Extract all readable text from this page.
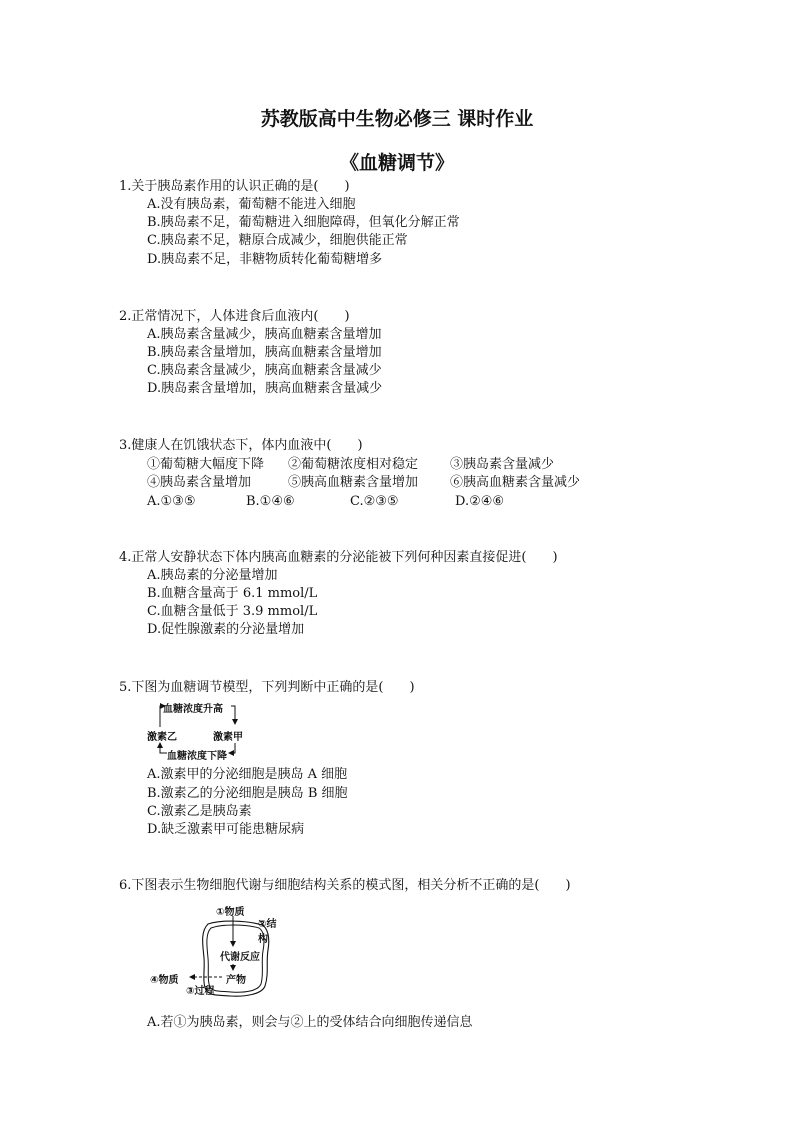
苏教版高中生物必修三 课时作业
《血糖调节》
1.关于胰岛素作用的认识正确的是(　　)
A.没有胰岛素，葡萄糖不能进入细胞
B.胰岛素不足，葡萄糖进入细胞障碍，但氧化分解正常
C.胰岛素不足，糖原合成减少，细胞供能正常
D.胰岛素不足，非糖物质转化葡萄糖增多
2.正常情况下，人体进食后血液内(　　)
A.胰岛素含量减少，胰高血糖素含量增加
B.胰岛素含量增加，胰高血糖素含量增加
C.胰岛素含量减少，胰高血糖素含量减少
D.胰岛素含量增加，胰高血糖素含量减少
3.健康人在饥饿状态下，体内血液中(　　)
①葡萄糖大幅度下降 ②葡萄糖浓度相对稳定 ③胰岛素含量减少
④胰岛素含量增加	⑤胰高血糖素含量增加 ⑥胰高血糖素含量减少
A.①③⑤	B.①④⑥	C.②③⑤	D.②④⑥
4.正常人安静状态下体内胰高血糖素的分泌能被下列何种因素直接促进(　　)
A.胰岛素的分泌量增加
B.血糖含量高于 6.1 mmol/L
C.血糖含量低于 3.9 mmol/L
D.促性腺激素的分泌量增加
5.下图为血糖调节模型，下列判断中正确的是(　　)
血糖浓度升高
激素乙	激素甲
血糖浓度下降
A.激素甲的分泌细胞是胰岛 A 细胞
B.激素乙的分泌细胞是胰岛 B 细胞
C.激素乙是胰岛素
D.缺乏激素甲可能患糖尿病
6.下图表示生物细胞代谢与细胞结构关系的模式图，相关分析不正确的是(　　)
①物质
②结构
代谢反应
产物
④物质
③过程
A.若①为胰岛素，则会与②上的受体结合向细胞传递信息
